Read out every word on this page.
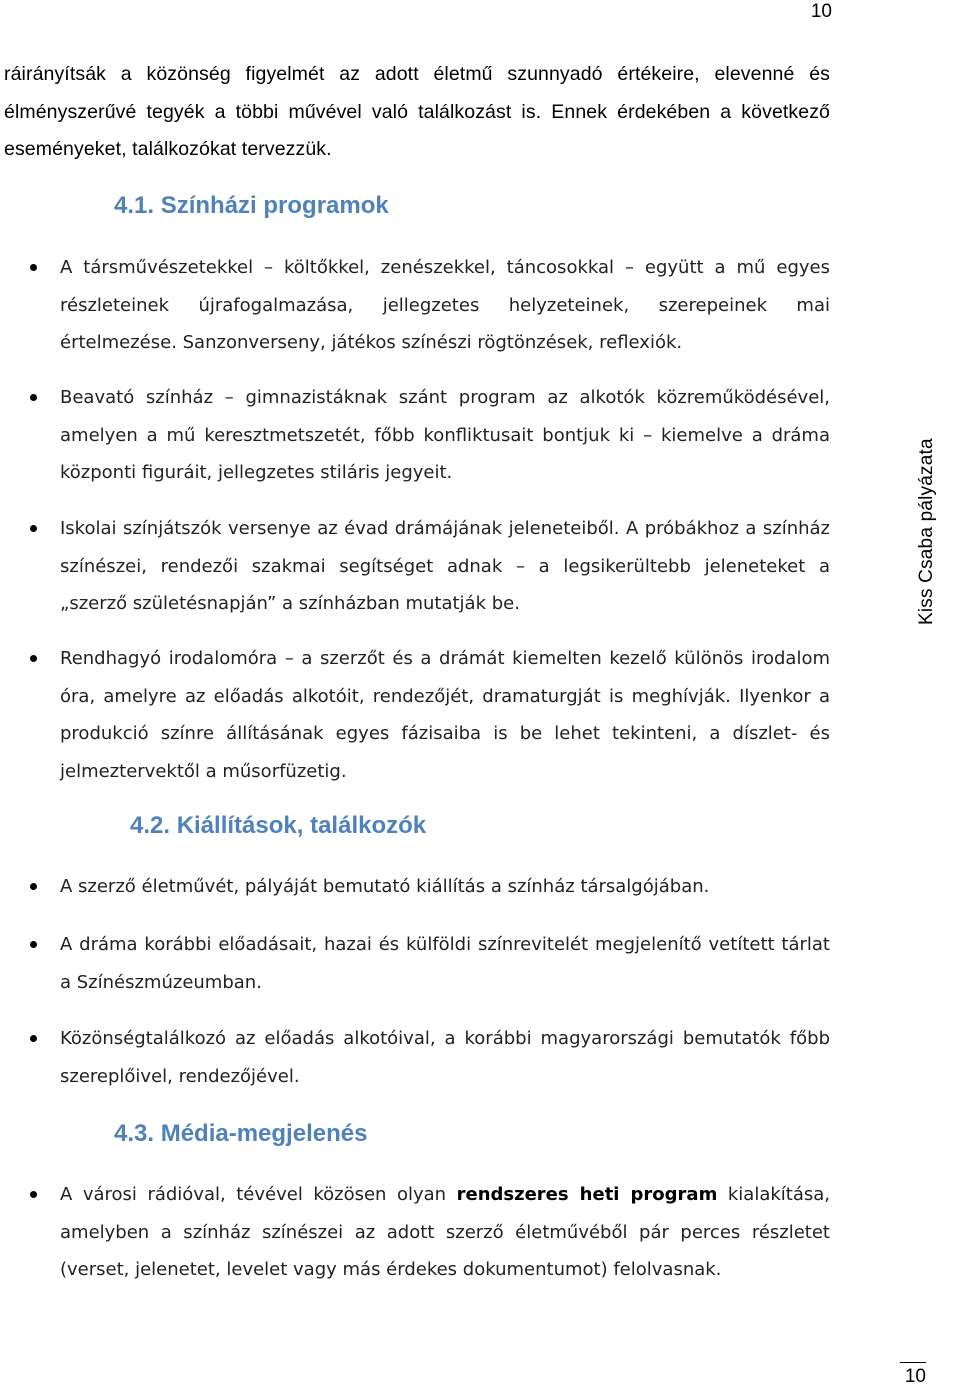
10
ráirányítsák a közönség figyelmét az adott életmű szunnyadó értékeire, elevenné és élményszerűvé tegyék a többi művével való találkozást is. Ennek érdekében a következő eseményeket, találkozókat tervezzük.
4.1. Színházi programok
A társművészetekkel – költőkkel, zenészekkel, táncosokkal – együtt a mű egyes részleteinek újrafogalmazása, jellegzetes helyzeteinek, szerepeinek mai értelmezése. Sanzonverseny, játékos színészi rögtönzések, reflexiók.
Beavató színház – gimnazistáknak szánt program az alkotók közreműködésével, amelyen a mű keresztmetszetét, főbb konfliktusait bontjuk ki – kiemelve a dráma központi figuráit, jellegzetes stiláris jegyeit.
Iskolai színjátszók versenye az évad drámájának jeleneteiből. A próbákhoz a színház színészei, rendezői szakmai segítséget adnak – a legsikerültebb jeleneteket a „szerző születésnapján” a színházban mutatják be.
Rendhagyó irodalomóra – a szerzőt és a drámát kiemelten kezelő különös irodalom óra, amelyre az előadás alkotóit, rendezőjét, dramaturgját is meghívják. Ilyenkor a produkció színre állításának egyes fázisaiba is be lehet tekinteni, a díszlet- és jelmeztervektől a műsorfüzetig.
4.2. Kiállítások, találkozók
A szerző életművét, pályáját bemutató kiállítás a színház társalgójában.
A dráma korábbi előadásait, hazai és külföldi színrevitelét megjelenítő vetített tárlat a Színészmúzeumban.
Közönségtalálkozó az előadás alkotóival, a korábbi magyarországi bemutatók főbb szereplőivel, rendezőjével.
4.3. Média-megjelenés
A városi rádióval, tévével közösen olyan rendszeres heti program kialakítása, amelyben a színház színészei az adott szerző életművéből pár perces részletet (verset, jelenetet, levelet vagy más érdekes dokumentumot) felolvasnak.
Kiss Csaba pályázata
10
